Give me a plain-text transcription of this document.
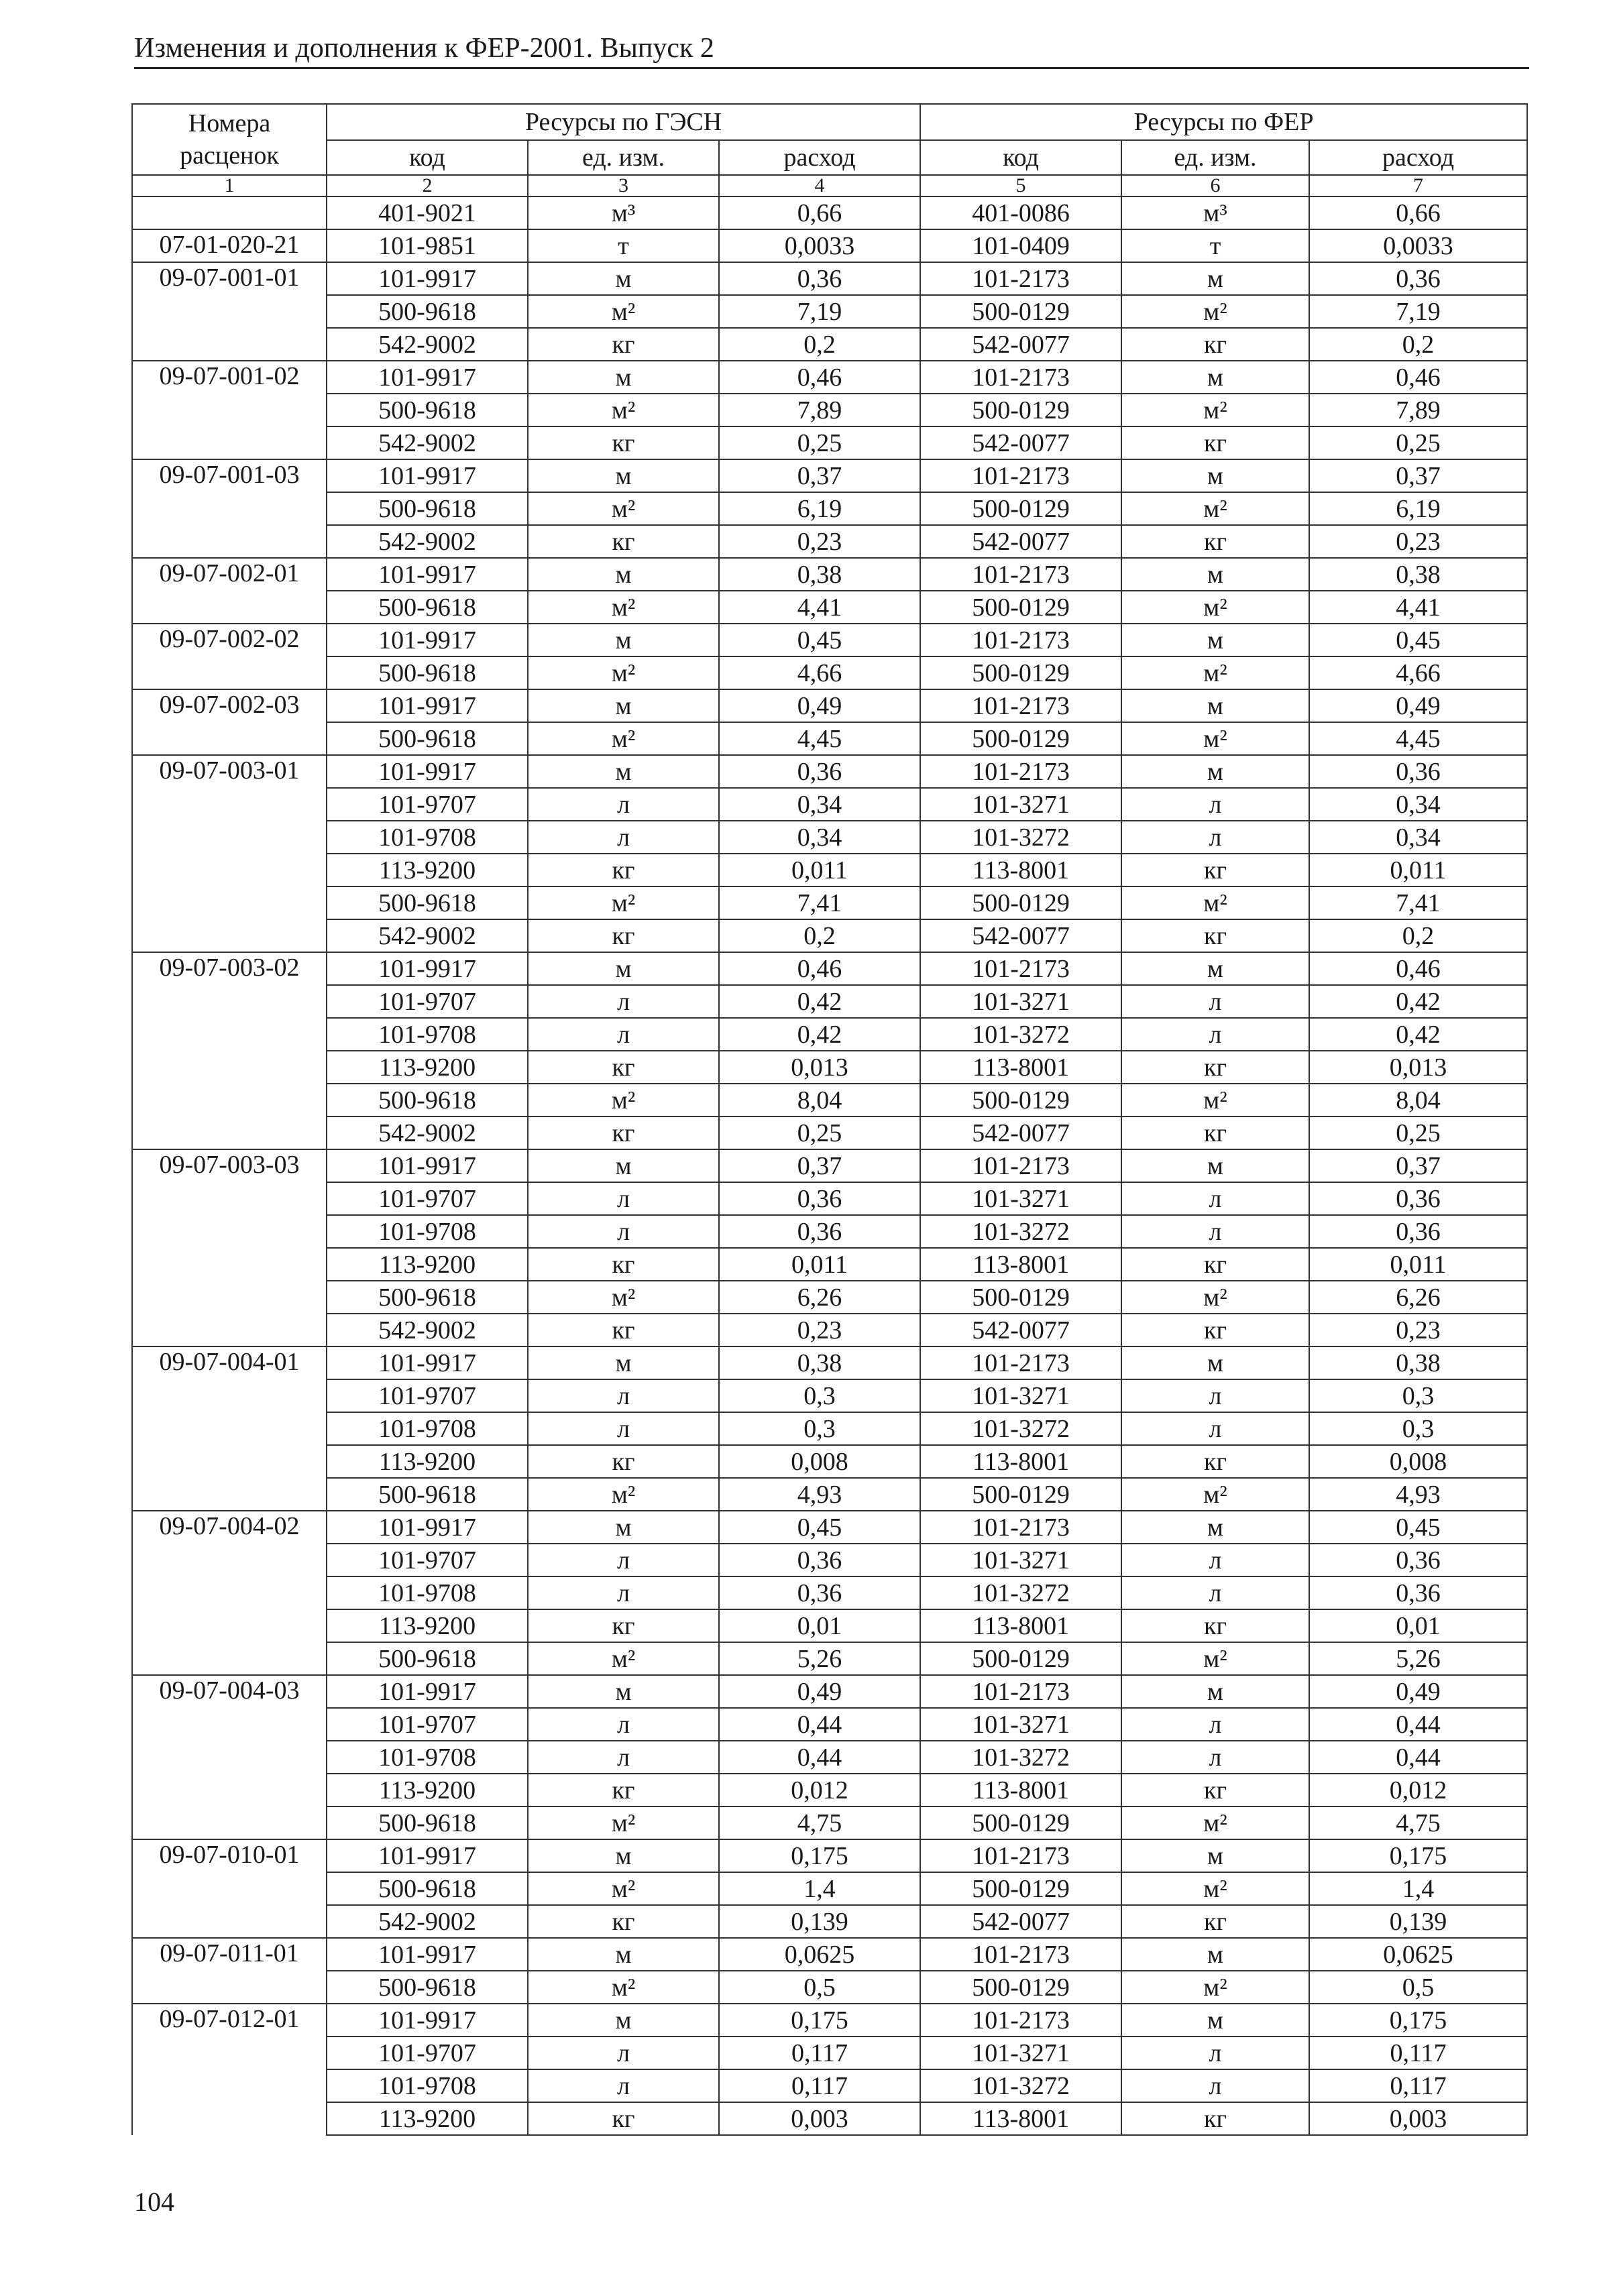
Изменения и дополнения к ФЕР-2001. Выпуск 2
Номера
расценок	Ресурсы по ГЭСН			Ресурсы по ФЕР		
	код	ед. изм.	расход	код	ед. изм.	расход
1	2	3	4	5	6	7
	401-9021	м³	0,66	401-0086	м³	0,66
07-01-020-21	101-9851	т	0,0033	101-0409	т	0,0033
09-07-001-01	101-9917	м	0,36	101-2173	м	0,36
	500-9618	м²	7,19	500-0129	м²	7,19
	542-9002	кг	0,2	542-0077	кг	0,2
09-07-001-02	101-9917	м	0,46	101-2173	м	0,46
	500-9618	м²	7,89	500-0129	м²	7,89
	542-9002	кг	0,25	542-0077	кг	0,25
09-07-001-03	101-9917	м	0,37	101-2173	м	0,37
	500-9618	м²	6,19	500-0129	м²	6,19
	542-9002	кг	0,23	542-0077	кг	0,23
09-07-002-01	101-9917	м	0,38	101-2173	м	0,38
	500-9618	м²	4,41	500-0129	м²	4,41
09-07-002-02	101-9917	м	0,45	101-2173	м	0,45
	500-9618	м²	4,66	500-0129	м²	4,66
09-07-002-03	101-9917	м	0,49	101-2173	м	0,49
	500-9618	м²	4,45	500-0129	м²	4,45
09-07-003-01	101-9917	м	0,36	101-2173	м	0,36
	101-9707	л	0,34	101-3271	л	0,34
	101-9708	л	0,34	101-3272	л	0,34
	113-9200	кг	0,011	113-8001	кг	0,011
	500-9618	м²	7,41	500-0129	м²	7,41
	542-9002	кг	0,2	542-0077	кг	0,2
09-07-003-02	101-9917	м	0,46	101-2173	м	0,46
	101-9707	л	0,42	101-3271	л	0,42
	101-9708	л	0,42	101-3272	л	0,42
	113-9200	кг	0,013	113-8001	кг	0,013
	500-9618	м²	8,04	500-0129	м²	8,04
	542-9002	кг	0,25	542-0077	кг	0,25
09-07-003-03	101-9917	м	0,37	101-2173	м	0,37
	101-9707	л	0,36	101-3271	л	0,36
	101-9708	л	0,36	101-3272	л	0,36
	113-9200	кг	0,011	113-8001	кг	0,011
	500-9618	м²	6,26	500-0129	м²	6,26
	542-9002	кг	0,23	542-0077	кг	0,23
09-07-004-01	101-9917	м	0,38	101-2173	м	0,38
	101-9707	л	0,3	101-3271	л	0,3
	101-9708	л	0,3	101-3272	л	0,3
	113-9200	кг	0,008	113-8001	кг	0,008
	500-9618	м²	4,93	500-0129	м²	4,93
09-07-004-02	101-9917	м	0,45	101-2173	м	0,45
	101-9707	л	0,36	101-3271	л	0,36
	101-9708	л	0,36	101-3272	л	0,36
	113-9200	кг	0,01	113-8001	кг	0,01
	500-9618	м²	5,26	500-0129	м²	5,26
09-07-004-03	101-9917	м	0,49	101-2173	м	0,49
	101-9707	л	0,44	101-3271	л	0,44
	101-9708	л	0,44	101-3272	л	0,44
	113-9200	кг	0,012	113-8001	кг	0,012
	500-9618	м²	4,75	500-0129	м²	4,75
09-07-010-01	101-9917	м	0,175	101-2173	м	0,175
	500-9618	м²	1,4	500-0129	м²	1,4
	542-9002	кг	0,139	542-0077	кг	0,139
09-07-011-01	101-9917	м	0,0625	101-2173	м	0,0625
	500-9618	м²	0,5	500-0129	м²	0,5
09-07-012-01	101-9917	м	0,175	101-2173	м	0,175
	101-9707	л	0,117	101-3271	л	0,117
	101-9708	л	0,117	101-3272	л	0,117
	113-9200	кг	0,003	113-8001	кг	0,003
104
